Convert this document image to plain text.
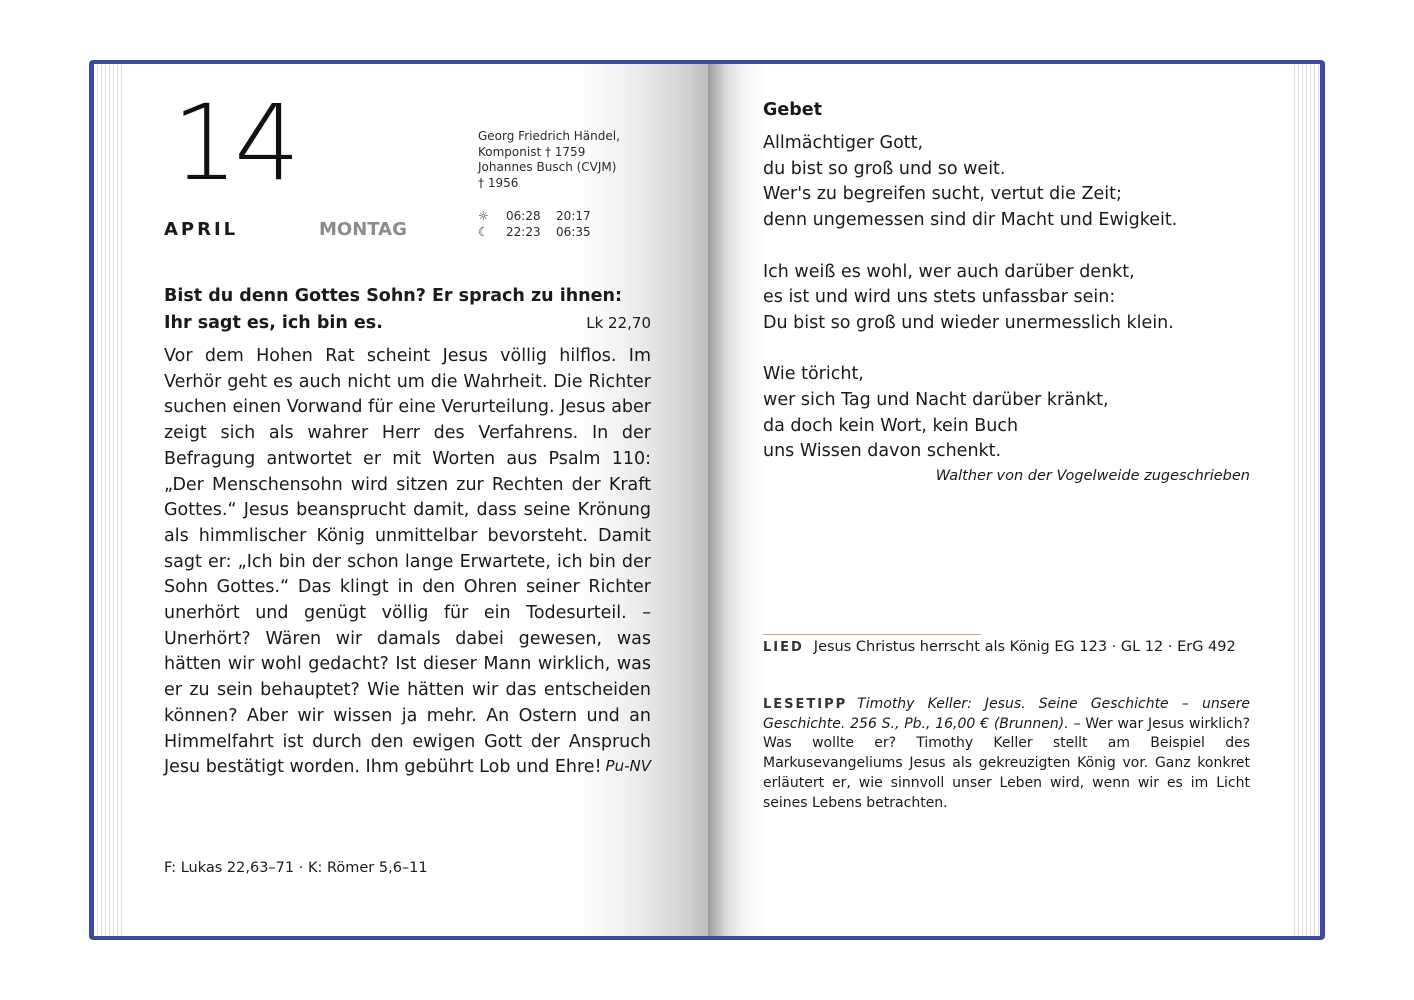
14
APRIL	MONTAG
Georg Friedrich Händel,
Komponist † 1759
Johannes Busch (CVJM)
† 1956
☼	06:28	20:17
☾	22:23	06:35
Bist du denn Gottes Sohn? Er sprach zu ihnen: Ihr sagt es, ich bin es.	Lk 22,70
Vor dem Hohen Rat scheint Jesus völlig hilflos. Im Verhör geht es auch nicht um die Wahrheit. Die Richter suchen einen Vorwand für eine Verurteilung. Jesus aber zeigt sich als wahrer Herr des Verfahrens. In der Befragung antwortet er mit Worten aus Psalm 110: „Der Menschensohn wird sitzen zur Rechten der Kraft Gottes.“ Jesus beansprucht damit, dass seine Krönung als himmlischer König unmittelbar bevorsteht. Damit sagt er: „Ich bin der schon lange Erwartete, ich bin der Sohn Gottes.“ Das klingt in den Ohren seiner Richter unerhört und genügt völlig für ein Todesurteil. – Unerhört? Wären wir damals dabei gewesen, was hätten wir wohl gedacht? Ist dieser Mann wirklich, was er zu sein behauptet? Wie hätten wir das entscheiden können? Aber wir wissen ja mehr. An Ostern und an Himmelfahrt ist durch den ewigen Gott der Anspruch Jesu bestätigt worden. Ihm gebührt Lob und Ehre! Pu-NV
F: Lukas 22,63–71 · K: Römer 5,6–11
Gebet
Allmächtiger Gott,
du bist so groß und so weit.
Wer's zu begreifen sucht, vertut die Zeit;
denn ungemessen sind dir Macht und Ewigkeit.
Ich weiß es wohl, wer auch darüber denkt,
es ist und wird uns stets unfassbar sein:
Du bist so groß und wieder unermesslich klein.
Wie töricht,
wer sich Tag und Nacht darüber kränkt,
da doch kein Wort, kein Buch
uns Wissen davon schenkt.
Walther von der Vogelweide zugeschrieben
LIED Jesus Christus herrscht als König EG 123 · GL 12 · ErG 492
LESETIPP Timothy Keller: Jesus. Seine Geschichte – unsere Geschichte. 256 S., Pb., 16,00 € (Brunnen). – Wer war Jesus wirklich? Was wollte er? Timothy Keller stellt am Beispiel des Markusevangeliums Jesus als gekreuzigten König vor. Ganz konkret erläutert er, wie sinnvoll unser Leben wird, wenn wir es im Licht seines Lebens betrachten.
